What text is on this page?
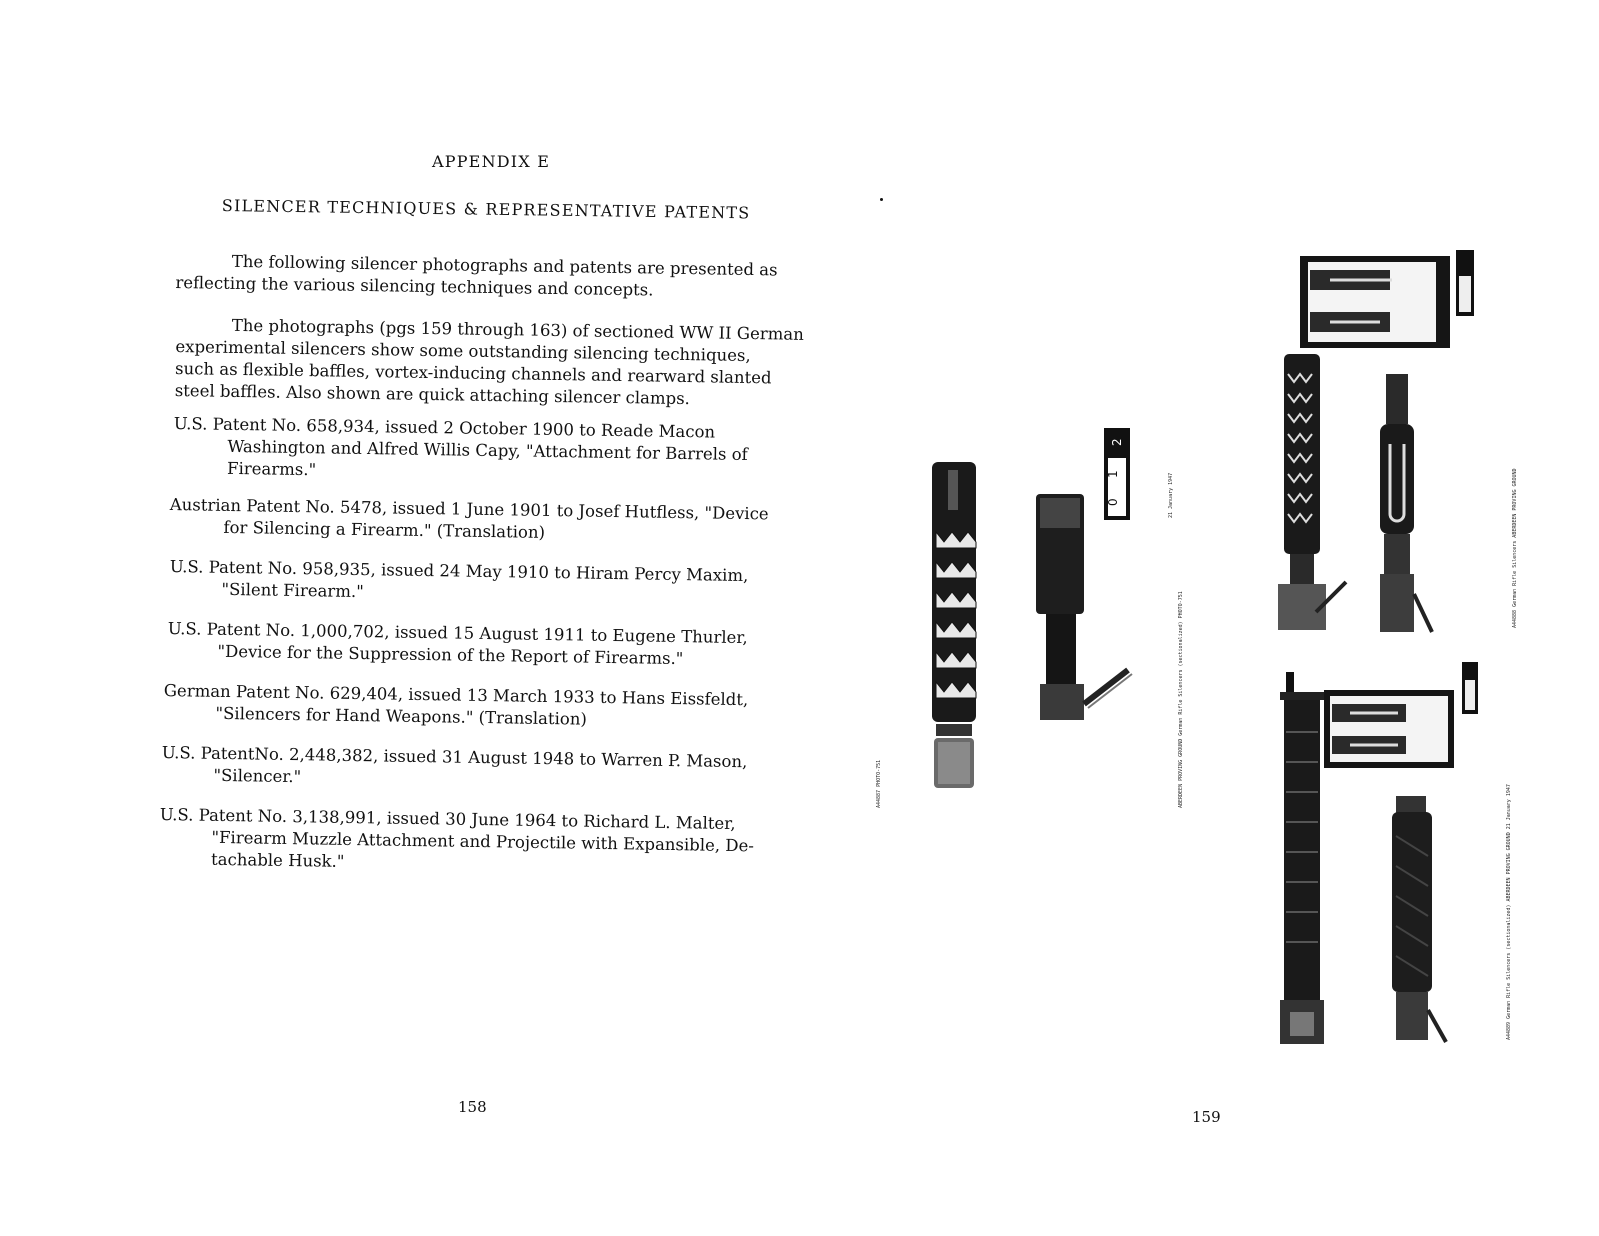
APPENDIX E
SILENCER TECHNIQUES & REPRESENTATIVE PATENTS
The following silencer photographs and patents are presented as
reflecting the various silencing techniques and concepts.
The photographs (pgs 159 through 163) of sectioned WW II German
experimental silencers show some outstanding silencing techniques,
such as flexible baffles, vortex-inducing channels and rearward slanted
steel baffles. Also shown are quick attaching silencer clamps.
U.S. Patent No. 658,934, issued 2 October 1900 to Reade Macon
Washington and Alfred Willis Capy, "Attachment for Barrels of
Firearms."
Austrian Patent No. 5478, issued 1 June 1901 to Josef Hutfless, "Device
for Silencing a Firearm." (Translation)
U.S. Patent No. 958,935, issued 24 May 1910 to Hiram Percy Maxim,
"Silent Firearm."
U.S. Patent No. 1,000,702, issued 15 August 1911 to Eugene Thurler,
"Device for the Suppression of the Report of Firearms."
German Patent No. 629,404, issued 13 March 1933 to Hans Eissfeldt,
"Silencers for Hand Weapons." (Translation)
U.S. PatentNo. 2,448,382, issued 31 August 1948 to Warren P. Mason,
"Silencer."
U.S. Patent No. 3,138,991, issued 30 June 1964 to Richard L. Malter,
"Firearm Muzzle Attachment and Projectile with Expansible, De-
tachable Husk."
158
0
1
2
A44887 PHOTO-751	ABERDEEN PROVING GROUND German Rifle Silencers (sectionalized) PHOTO-751
21 January 1947	A44888 German Rifle Silencers ABERDEEN PROVING GROUND
A44889 German Rifle Silencers (sectionalized) ABERDEEN PROVING GROUND 21 January 1947
159
